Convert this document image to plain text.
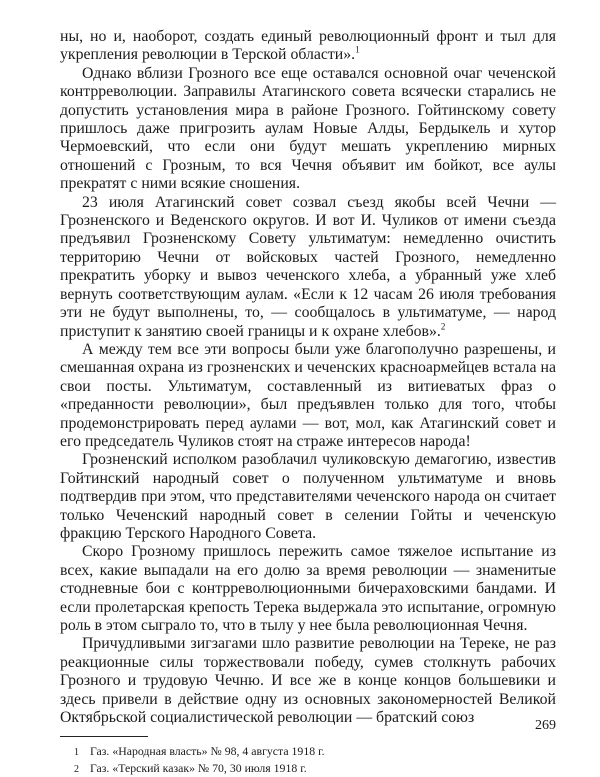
ны, но и, наоборот, создать единый революционный фронт и тыл для укрепления революции в Терской области».$^1$

Однако вблизи Грозного все еще оставался основной очаг чеченской контрреволюции. Заправилы Атагинского совета всячески старались не допустить установления мира в районе Грозного. Гойтинскому совету пришлось даже пригрозить аулам Новые Алды, Бердыкель и хутор Чермоевский, что если они будут мешать укреплению мирных отношений с Грозным, то вся Чечня объявит им бойкот, все аулы прекратят с ними всякие сношения.

23 июля Атагинский совет созвал съезд якобы всей Чечни — Грозненского и Веденского округов. И вот И. Чуликов от имени съезда предъявил Грозненскому Совету ультиматум: немедленно очистить территорию Чечни от войсковых частей Грозного, немедленно прекратить уборку и вывоз чеченского хлеба, а убранный уже хлеб вернуть соответствующим аулам. «Если к 12 часам 26 июля требования эти не будут выполнены, то, — сообщалось в ультиматуме, — народ приступит к занятию своей границы и к охране хлебов».$^2$

А между тем все эти вопросы были уже благополучно разрешены, и смешанная охрана из грозненских и чеченских красноармейцев встала на свои посты. Ультиматум, составленный из витиеватых фраз о «преданности революции», был предъявлен только для того, чтобы продемонстрировать перед аулами — вот, мол, как Атагинский совет и его председатель Чуликов стоят на страже интересов народа!

Грозненский исполком разоблачил чуликовскую демагогию, известив Гойтинский народный совет о полученном ультиматуме и вновь подтвердив при этом, что представителями чеченского народа он считает только Чеченский народный совет в селении Гойты и чеченскую фракцию Терского Народного Совета.

Скоро Грозному пришлось пережить самое тяжелое испытание из всех, какие выпадали на его долю за время революции — знаменитые стодневные бои с контрреволюционными бичераховскими бандами. И если пролетарская крепость Терека выдержала это испытание, огромную роль в этом сыграло то, что в тылу у нее была революционная Чечня.

Причудливыми зигзагами шло развитие революции на Тереке, не раз реакционные силы торжествовали победу, сумев столкнуть рабочих Грозного и трудовую Чечню. И все же в конце концов большевики и здесь привели в действие одну из основных закономерностей Великой Октябрьской социалистической революции — братский союз

1 Газ. «Народная власть» № 98, 4 августа 1918 г.

2 Газ. «Терский казак» № 70, 30 июля 1918 г.

269
